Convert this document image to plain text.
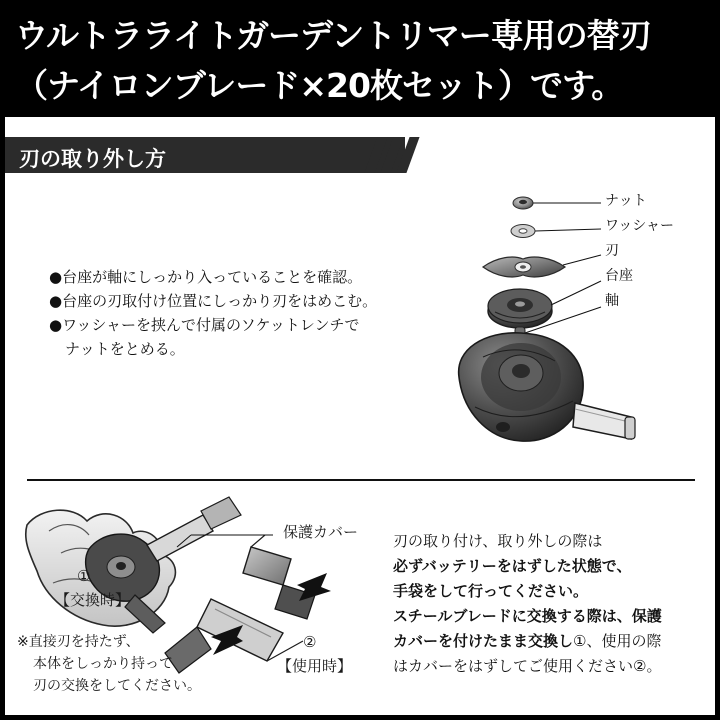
ウルトラライトガーデントリマー専用の替刃
（ナイロンブレード×20枚セット）です。
刃の取り外し方
●台座が軸にしっかり入っていることを確認。
●台座の刃取付け位置にしっかり刃をはめこむ。
●ワッシャーを挟んで付属のソケットレンチで
ナットをとめる。
ナット
ワッシャー
刃
台座
軸
保護カバー
①
【交換時】
②
【使用時】
※直接刃を持たず、
本体をしっかり持って
刃の交換をしてください。
刃の取り付け、取り外しの際は
必ずバッテリーをはずした状態で、
手袋をして行ってください。
スチールブレードに交換する際は、保護
カバーを付けたまま交換し①、使用の際
はカバーをはずしてご使用ください②。
